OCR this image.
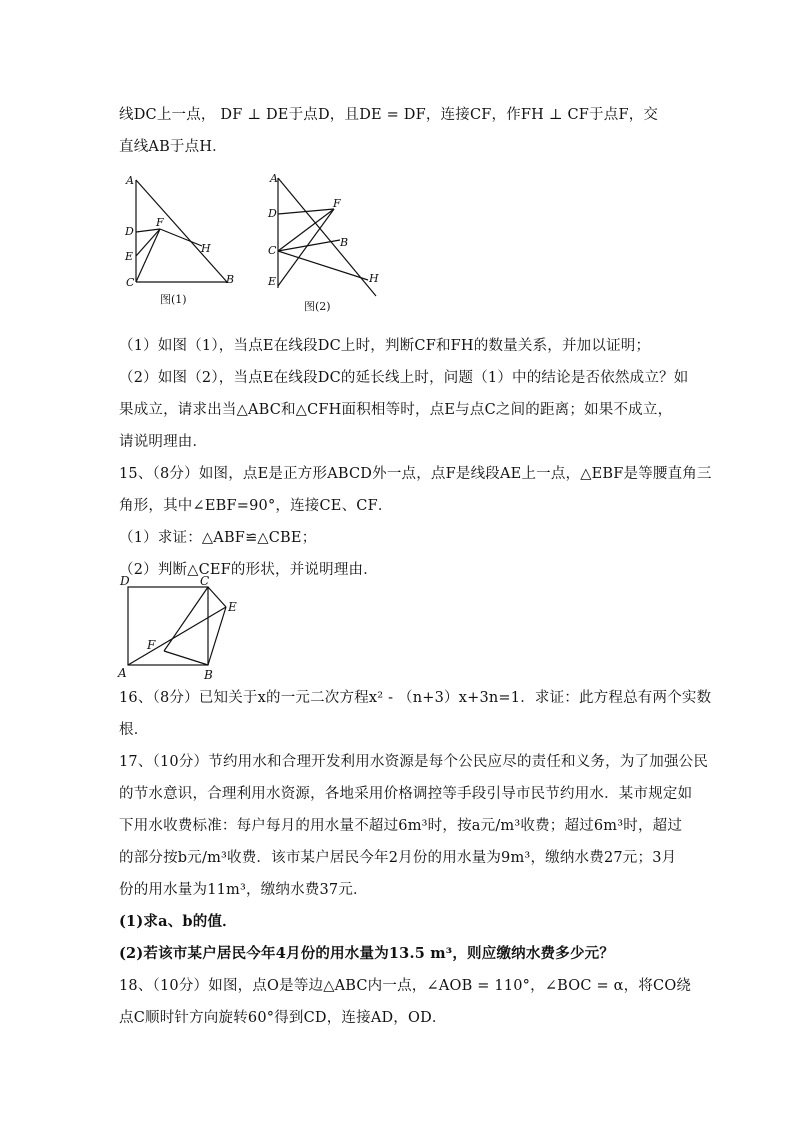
线DC上一点， DF ⊥ DE于点D，且DE = DF，连接CF，作FH ⊥ CF于点F，交
直线AB于点H．
A
F
D
H
E
C	B
图(1)
A
D
F
C
B
E	H
图(2)
（1）如图（1），当点E在线段DC上时，判断CF和FH的数量关系，并加以证明；
（2）如图（2），当点E在线段DC的延长线上时，问题（1）中的结论是否依然成立？如
果成立，请求出当△ABC和△CFH面积相等时，点E与点C之间的距离；如果不成立，
请说明理由．
15、（8分）如图，点E是正方形ABCD外一点，点F是线段AE上一点，△EBF是等腰直角三
角形，其中∠EBF=90°，连接CE、CF．
（1）求证：△ABF≌△CBE；
（2）判断△CEF的形状，并说明理由．
D	C
E
F
A	B
16、（8分）已知关于x的一元二次方程x² - （n+3）x+3n=1．求证：此方程总有两个实数
根．
17、（10分）节约用水和合理开发利用水资源是每个公民应尽的责任和义务，为了加强公民
的节水意识，合理利用水资源，各地采用价格调控等手段引导市民节约用水．某市规定如
下用水收费标准：每户每月的用水量不超过6m³时，按a元/m³收费；超过6m³时，超过
的部分按b元/m³收费．该市某户居民今年2月份的用水量为9m³，缴纳水费27元；3月
份的用水量为11m³，缴纳水费37元．
(1)求a、b的值．
(2)若该市某户居民今年4月份的用水量为13.5 m³，则应缴纳水费多少元？
18、（10分）如图，点O是等边△ABC内一点，∠AOB = 110°，∠BOC = α，将CO绕
点C顺时针方向旋转60°得到CD，连接AD，OD．
